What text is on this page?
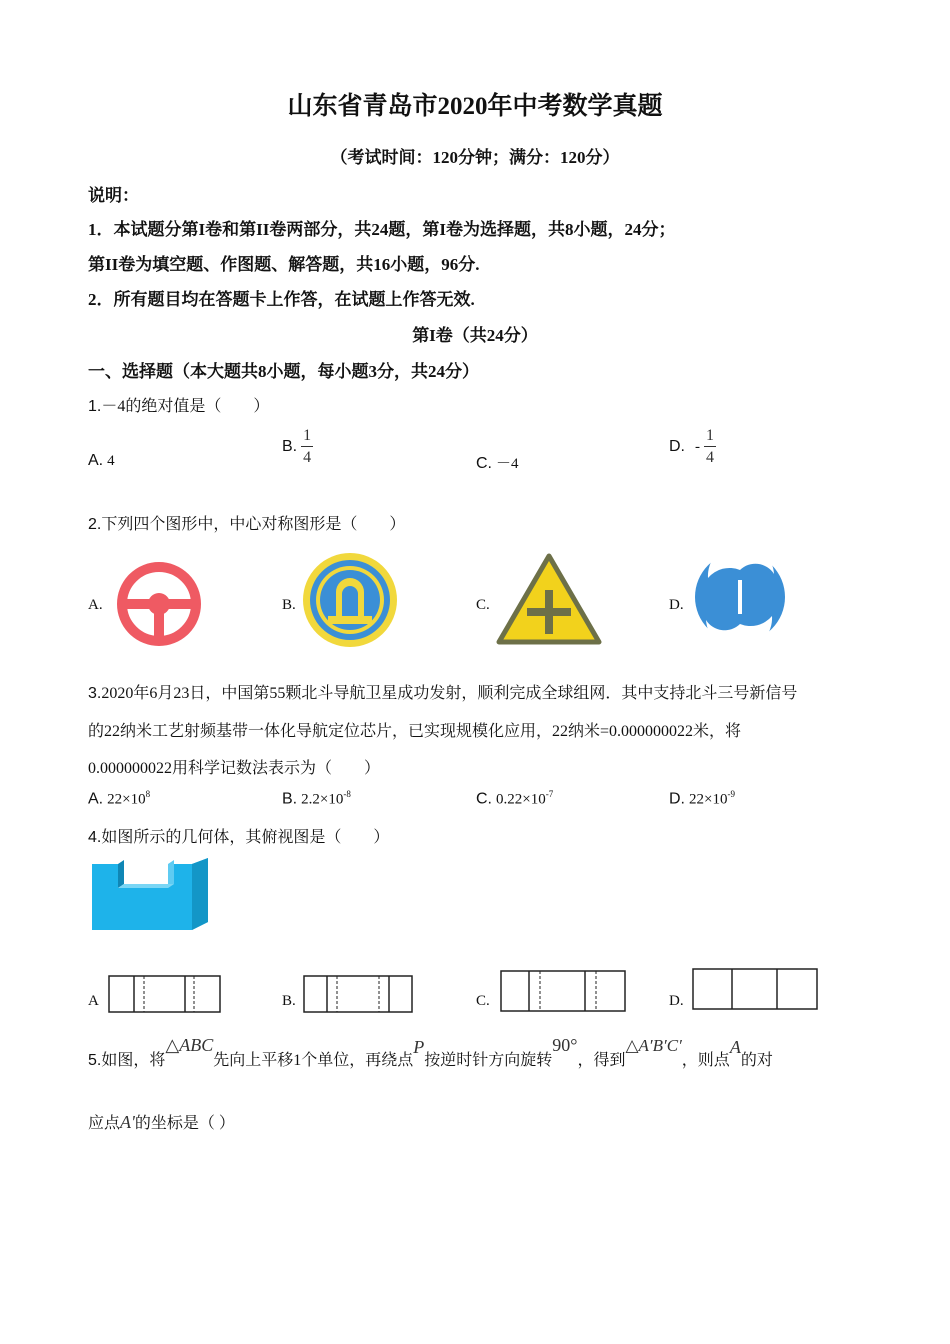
山东省青岛市2020年中考数学真题
（考试时间：120分钟；满分：120分）
说明：
1．本试题分第I卷和第II卷两部分，共24题，第I卷为选择题，共8小题，24分；
第II卷为填空题、作图题、解答题，共16小题，96分.
2．所有题目均在答题卡上作答，在试题上作答无效.
第I卷（共24分）
一、选择题（本大题共8小题，每小题3分，共24分）
1.－4的绝对值是（　　）
A. 4
B. $\frac{1}{4}$	C. －4
D. - $\frac{1}{4}$
2.下列四个图形中，中心对称图形是（　　）
A.	B.	C.	D.
3.2020年6月23日，中国第55颗北斗导航卫星成功发射，顺利完成全球组网．其中支持北斗三号新信号
的22纳米工艺射频基带一体化导航定位芯片，已实现规模化应用，22纳米=0.000000022米，将
0.000000022用科学记数法表示为（　　）
A. $22\times 10^8$	B. $2.2\times 10^{-8}$	C. $0.22\times 10^{-7}$	D. $22\times 10^{-9}$
4.如图所示的几何体，其俯视图是（　　）
A	B.	C.	D.
5.如图，将△ABC先向上平移1个单位，再绕点P按逆时针方向旋转90°，得到△A′B′C′，则点A的对
应点A'的坐标是（ ）
